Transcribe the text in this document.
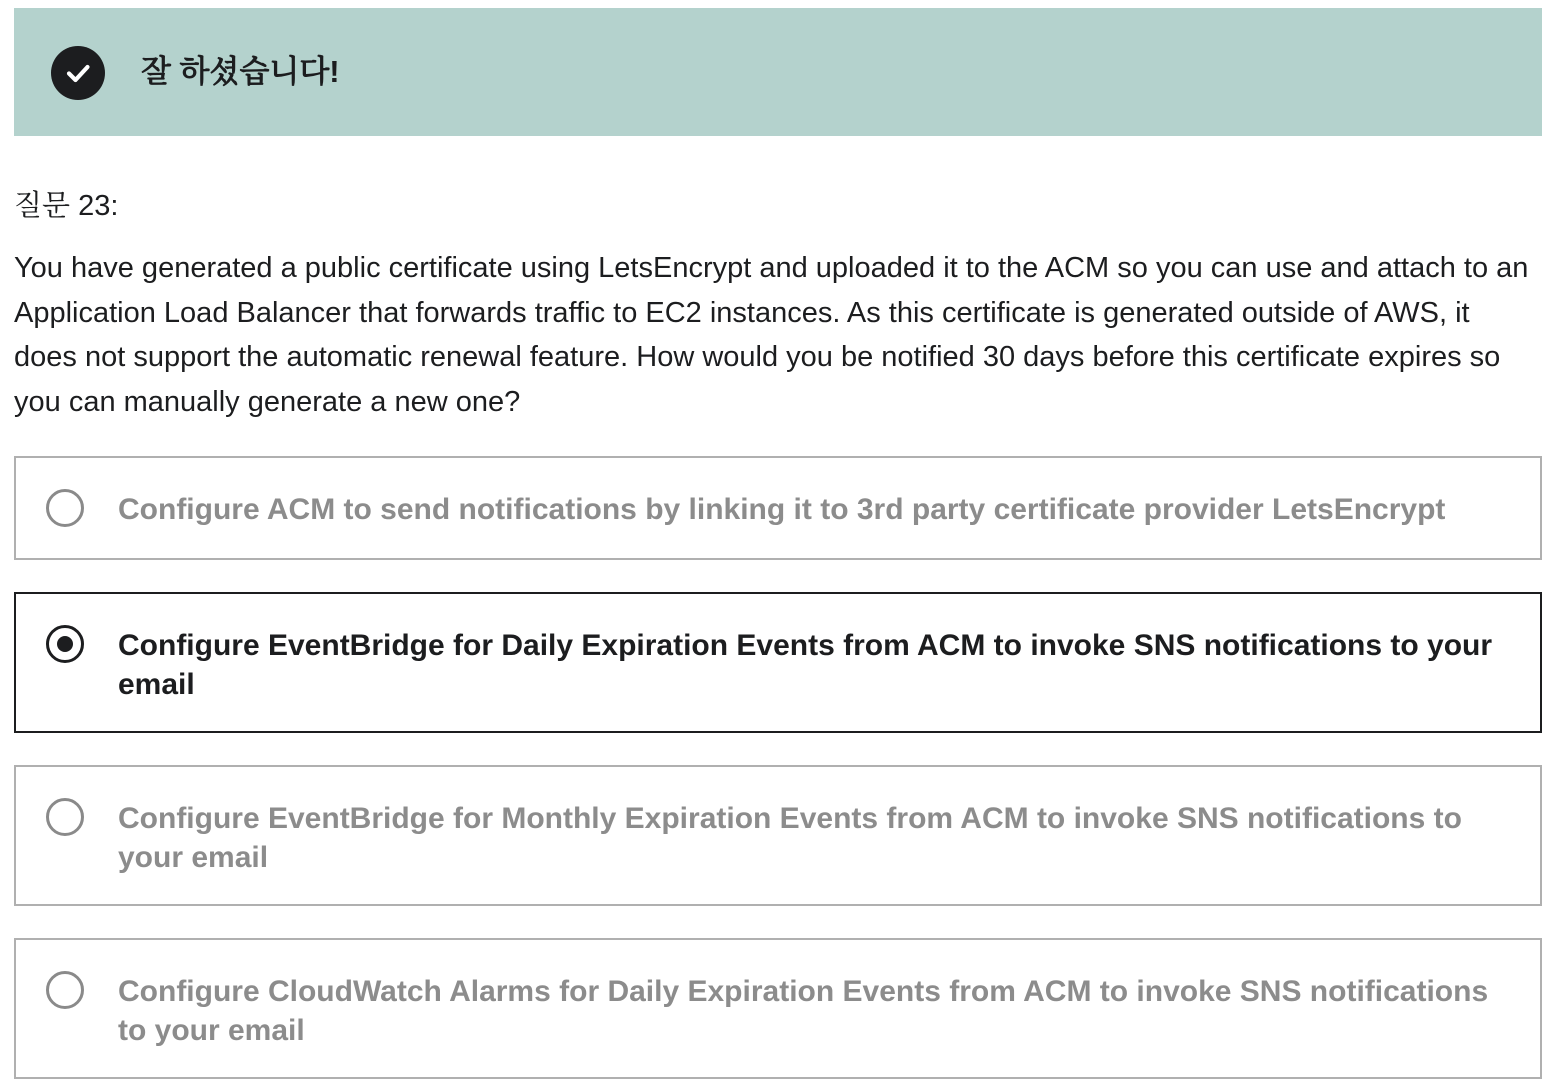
잘 하셨습니다!
질문 23:
You have generated a public certificate using LetsEncrypt and uploaded it to the ACM so you can use and attach to an Application Load Balancer that forwards traffic to EC2 instances. As this certificate is generated outside of AWS, it does not support the automatic renewal feature. How would you be notified 30 days before this certificate expires so you can manually generate a new one?
Configure ACM to send notifications by linking it to 3rd party certificate provider LetsEncrypt
Configure EventBridge for Daily Expiration Events from ACM to invoke SNS notifications to your email
Configure EventBridge for Monthly Expiration Events from ACM to invoke SNS notifications to your email
Configure CloudWatch Alarms for Daily Expiration Events from ACM to invoke SNS notifications to your email
